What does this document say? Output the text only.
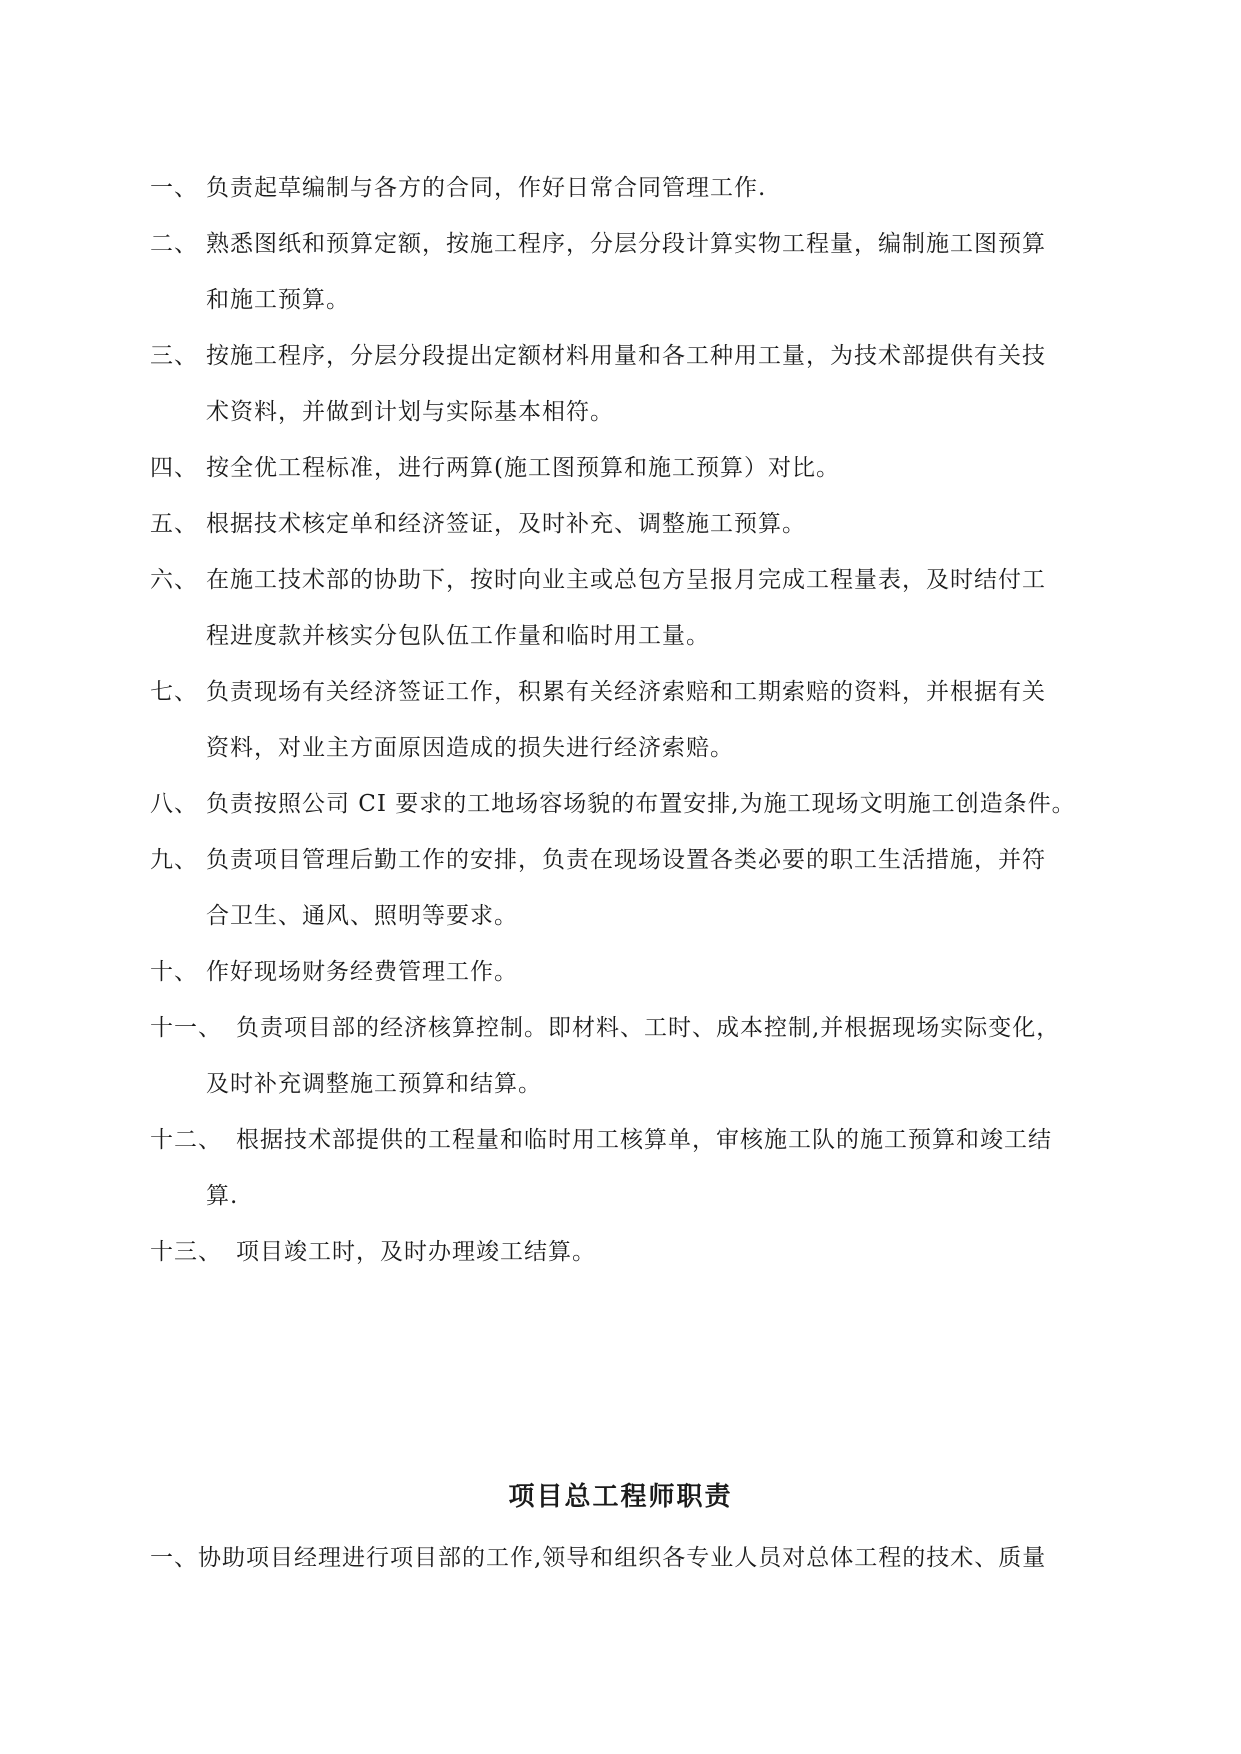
一、 负责起草编制与各方的合同，作好日常合同管理工作.
二、 熟悉图纸和预算定额，按施工程序，分层分段计算实物工程量，编制施工图预算
和施工预算。
三、 按施工程序，分层分段提出定额材料用量和各工种用工量，为技术部提供有关技
术资料，并做到计划与实际基本相符。
四、 按全优工程标准，进行两算(施工图预算和施工预算）对比。
五、 根据技术核定单和经济签证，及时补充、调整施工预算。
六、 在施工技术部的协助下，按时向业主或总包方呈报月完成工程量表，及时结付工
程进度款并核实分包队伍工作量和临时用工量。
七、 负责现场有关经济签证工作，积累有关经济索赔和工期索赔的资料，并根据有关
资料，对业主方面原因造成的损失进行经济索赔。
八、 负责按照公司 CI 要求的工地场容场貌的布置安排,为施工现场文明施工创造条件。
九、 负责项目管理后勤工作的安排，负责在现场设置各类必要的职工生活措施，并符
合卫生、通风、照明等要求。
十、 作好现场财务经费管理工作。
十一、 负责项目部的经济核算控制。即材料、工时、成本控制,并根据现场实际变化，
及时补充调整施工预算和结算。
十二、 根据技术部提供的工程量和临时用工核算单，审核施工队的施工预算和竣工结
算.
十三、 项目竣工时，及时办理竣工结算。
项目总工程师职责
一、协助项目经理进行项目部的工作,领导和组织各专业人员对总体工程的技术、质量
